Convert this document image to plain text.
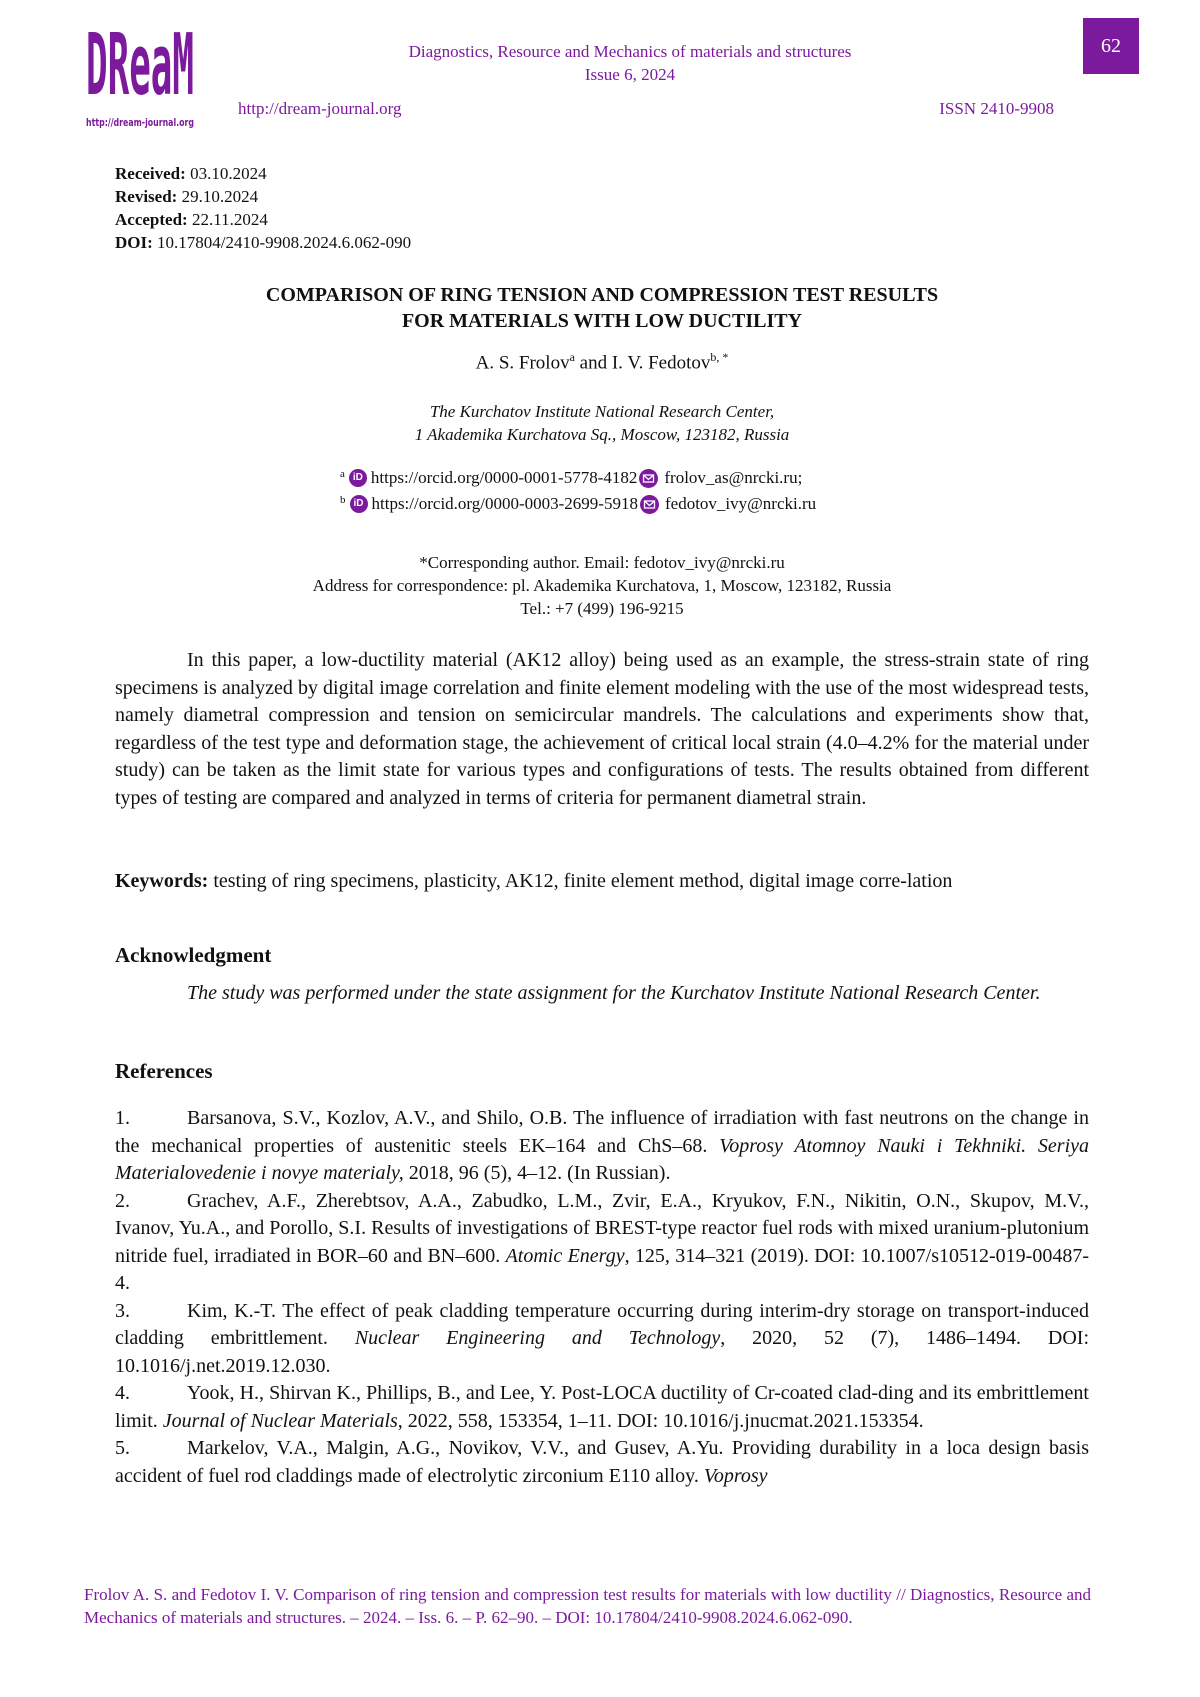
DReaM
http://dream-journal.org
Diagnostics, Resource and Mechanics of materials and structures
Issue 6, 2024
http://dream-journal.org	ISSN 2410-9908
62
Received: 03.10.2024
Revised: 29.10.2024
Accepted: 22.11.2024
DOI: 10.17804/2410-9908.2024.6.062-090
COMPARISON OF RING TENSION AND COMPRESSION TEST RESULTS
FOR MATERIALS WITH LOW DUCTILITY
A. S. Frolov$^a$ and I. V. Fedotov$^{b, *}$
The Kurchatov Institute National Research Center,
1 Akademika Kurchatova Sq., Moscow, 123182, Russia
a iD https://orcid.org/0000-0001-5778-4182 frolov_as@nrcki.ru;
b iD https://orcid.org/0000-0003-2699-5918 fedotov_ivy@nrcki.ru
*Corresponding author. Email: fedotov_ivy@nrcki.ru
Address for correspondence: pl. Akademika Kurchatova, 1, Moscow, 123182, Russia
Tel.: +7 (499) 196-9215
In this paper, a low-ductility material (AK12 alloy) being used as an example, the stress-strain state of ring specimens is analyzed by digital image correlation and finite element modeling with the use of the most widespread tests, namely diametral compression and tension on semicircular mandrels. The calculations and experiments show that, regardless of the test type and deformation stage, the achievement of critical local strain (4.0–4.2% for the material under study) can be taken as the limit state for various types and configurations of tests. The results obtained from different types of testing are compared and analyzed in terms of criteria for permanent diametral strain.
Keywords: testing of ring specimens, plasticity, AK12, finite element method, digital image corre-lation
Acknowledgment
The study was performed under the state assignment for the Kurchatov Institute National Research Center.
References

1.	Barsanova, S.V., Kozlov, A.V., and Shilo, O.B. The influence of irradiation with fast neutrons on the change in the mechanical properties of austenitic steels EK–164 and ChS–68. Voprosy Atomnoy Nauki i Tekhniki. Seriya Materialovedenie i novye materialy, 2018, 96 (5), 4–12. (In Russian).

2.	Grachev, A.F., Zherebtsov, A.A., Zabudko, L.M., Zvir, E.A., Kryukov, F.N., Nikitin, O.N., Skupov, M.V., Ivanov, Yu.A., and Porollo, S.I. Results of investigations of BREST-type reactor fuel rods with mixed uranium-plutonium nitride fuel, irradiated in BOR–60 and BN–600. Atomic Energy, 125, 314–321 (2019). DOI: 10.1007/s10512-019-00487-4.

3.	Kim, K.-T. The effect of peak cladding temperature occurring during interim-dry storage on transport-induced cladding embrittlement. Nuclear Engineering and Technology, 2020, 52 (7), 1486–1494. DOI: 10.1016/j.net.2019.12.030.

4.	Yook, H., Shirvan K., Phillips, B., and Lee, Y. Post-LOCA ductility of Cr-coated clad-ding and its embrittlement limit. Journal of Nuclear Materials, 2022, 558, 153354, 1–11. DOI: 10.1016/j.jnucmat.2021.153354.

5.	Markelov, V.A., Malgin, A.G., Novikov, V.V., and Gusev, A.Yu. Providing durability in a loca design basis accident of fuel rod claddings made of electrolytic zirconium E110 alloy. Voprosy

Frolov A. S. and Fedotov I. V. Comparison of ring tension and compression test results for materials with low ductility // Diagnostics, Resource and Mechanics of materials and structures. – 2024. – Iss. 6. – P. 62–90. – DOI: 10.17804/2410-9908.2024.6.062-090.
